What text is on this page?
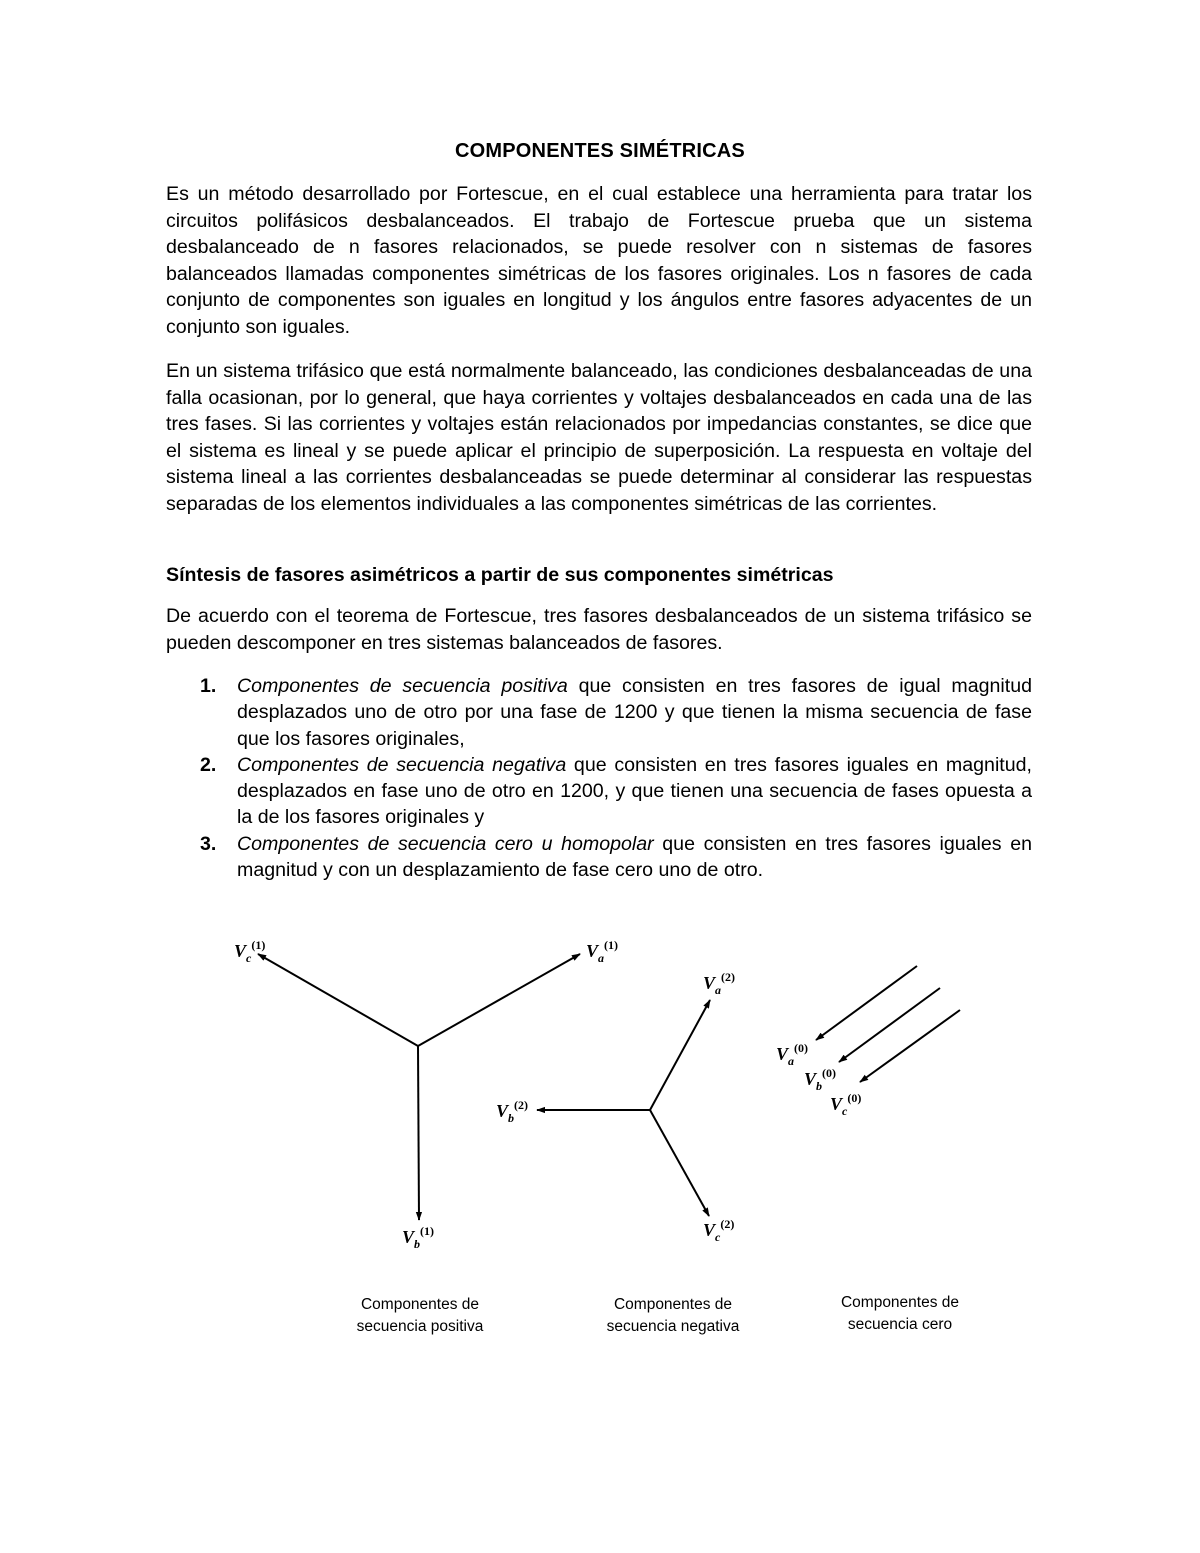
COMPONENTES SIMÉTRICAS
Es un método desarrollado por Fortescue, en el cual establece una herramienta para tratar los circuitos polifásicos desbalanceados. El trabajo de Fortescue prueba que un sistema desbalanceado de n fasores relacionados, se puede resolver con n sistemas de fasores balanceados llamadas componentes simétricas de los fasores originales. Los n fasores de cada conjunto de componentes son iguales en longitud y los ángulos entre fasores adyacentes de un conjunto son iguales.
En un sistema trifásico que está normalmente balanceado, las condiciones desbalanceadas de una falla ocasionan, por lo general, que haya corrientes y voltajes desbalanceados en cada una de las tres fases. Si las corrientes y voltajes están relacionados por impedancias constantes, se dice que el sistema es lineal y se puede aplicar el principio de superposición. La respuesta en voltaje del sistema lineal a las corrientes desbalanceadas se puede determinar al considerar las respuestas separadas de los elementos individuales a las componentes simétricas de las corrientes.
Síntesis de fasores asimétricos a partir de sus componentes simétricas
De acuerdo con el teorema de Fortescue, tres fasores desbalanceados de un sistema trifásico se pueden descomponer en tres sistemas balanceados de fasores.
1. Componentes de secuencia positiva que consisten en tres fasores de igual magnitud desplazados uno de otro por una fase de 1200 y que tienen la misma secuencia de fase que los fasores originales,
2. Componentes de secuencia negativa que consisten en tres fasores iguales en magnitud, desplazados en fase uno de otro en 1200, y que tienen una secuencia de fases opuesta a la de los fasores originales y
3. Componentes de secuencia cero u homopolar que consisten en tres fasores iguales en magnitud y con un desplazamiento de fase cero uno de otro.
$V_c^{(1)}$	$V_a^{(1)}$
$V_b^{(1)}$
$V_a^{(2)}$
$V_b^{(2)}$
$V_c^{(2)}$
$V_a^{(0)}$
$V_b^{(0)}$
$V_c^{(0)}$
Componentes de
secuencia positiva
Componentes de
secuencia negativa
Componentes de
secuencia cero
